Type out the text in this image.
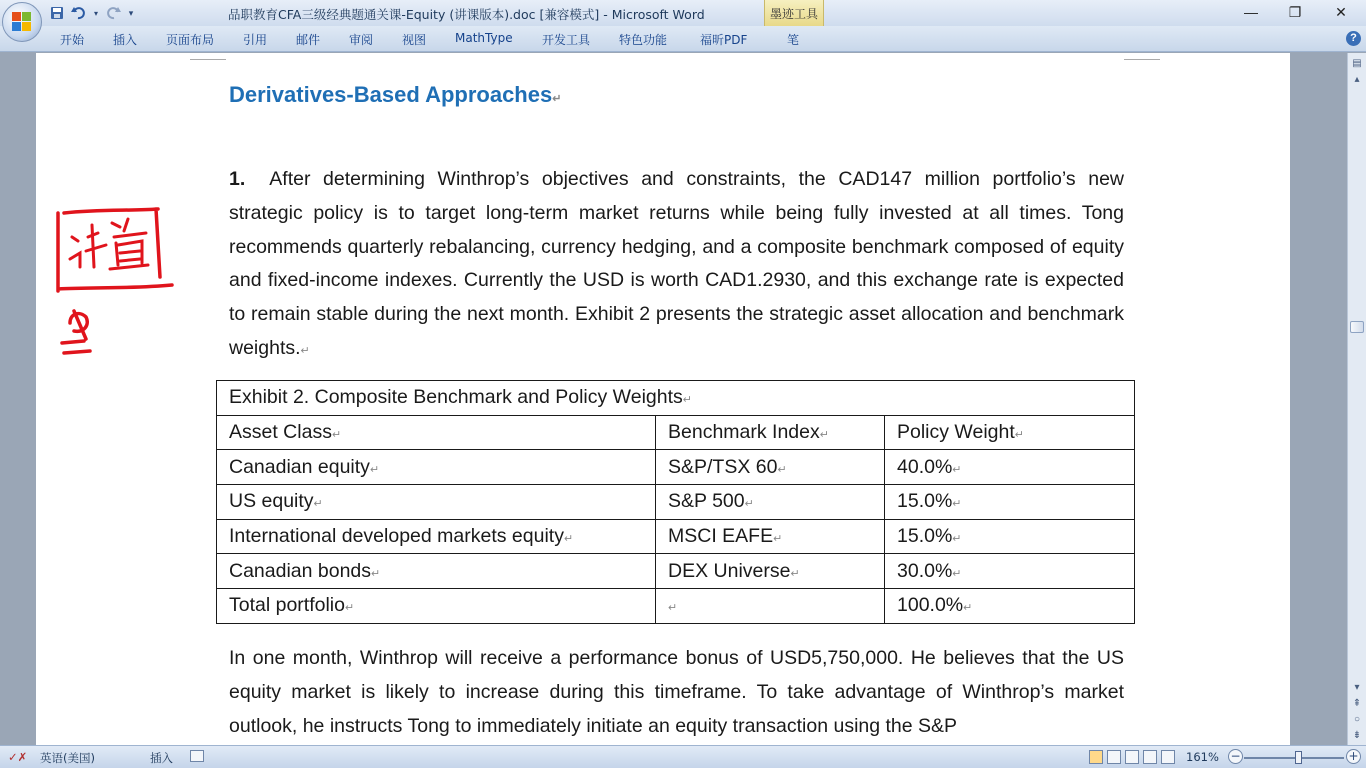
▾	▾	品职教育CFA三级经典题通关课-Equity (讲课版本).doc [兼容模式] - Microsoft Word	墨迹工具	—	❐	✕
开始 插入 页面布局 引用 邮件 审阅 视图 MathType 开发工具 特色功能	福昕PDF	笔	?
Derivatives-Based Approaches↵
1. After determining Winthrop’s objectives and constraints, the CAD147 million portfolio’s new strategic policy is to target long-term market returns while being fully invested at all times. Tong recommends quarterly rebalancing, currency hedging, and a composite benchmark composed of equity and fixed-income indexes. Currently the USD is worth CAD1.2930, and this exchange rate is expected to remain stable during the next month. Exhibit 2 presents the strategic asset allocation and benchmark weights.↵
Exhibit 2. Composite Benchmark and Policy Weights↵		
Asset Class↵	Benchmark Index↵	Policy Weight↵
Canadian equity↵	S&P/TSX 60↵	40.0%↵
US equity↵	S&P 500↵	15.0%↵
International developed markets equity↵	MSCI EAFE↵	15.0%↵
Canadian bonds↵	DEX Universe↵	30.0%↵
Total portfolio↵	↵	100.0%↵
In one month, Winthrop will receive a performance bonus of USD5,750,000. He believes that the US equity market is likely to increase during this timeframe. To take advantage of Winthrop’s market outlook, he instructs Tong to immediately initiate an equity transaction using the S&P
▤
▴
▾
⇞
○
⇟
✓✗ 英语(美国)	插入	161% −	+
